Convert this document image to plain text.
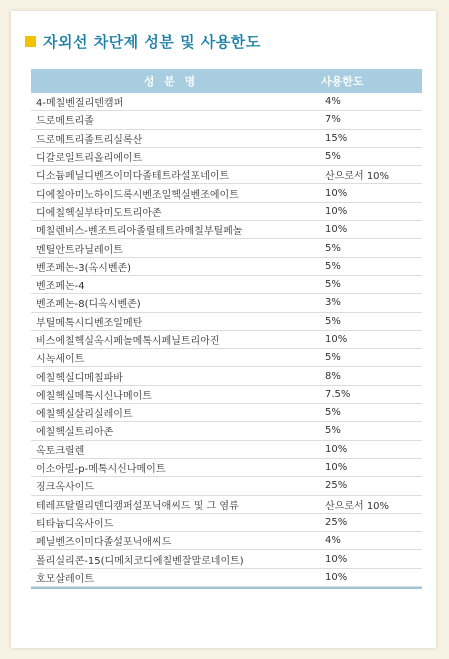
자외선 차단제 성분 및 사용한도
성 분 명	사용한도
4-메칠벤질리덴캠퍼	4%
드로메트리졸	7%
드로메트리졸트리실록산	15%
디갈로일트리올리에이트	5%
디소듐페닐디벤즈이미다졸테트라설포네이트	산으로서 10%
디에칠아미노하이드록시벤조일헥실벤조에이트	10%
디에칠헥실부타미도트리아존	10%
메칠렌비스-벤조트리아졸릴테트라메칠부틸페놀	10%
멘틸안트라닐레이트	5%
벤조페논-3(옥시벤존)	5%
벤조페논-4	5%
벤조페논-8(디옥시벤존)	3%
부틸메톡시디벤조일메탄	5%
비스에칠헥실옥시페놀메톡시페닐트리아진	10%
시녹세이트	5%
에칠헥실디메칠파바	8%
에칠헥실메톡시신나메이트	7.5%
에칠헥실살리실레이트	5%
에칠헥실트리아존	5%
옥토크릴렌	10%
이소아밀-p-메톡시신나메이트	10%
징크옥사이드	25%
테레프탈릴리덴디캠퍼설포닉애씨드 및 그 염류	산으로서 10%
티타늄디옥사이드	25%
페닐벤즈이미다졸설포닉애씨드	4%
폴리실리콘-15(디메치코디에칠벤잘말로네이트)	10%
호모살레이트	10%
